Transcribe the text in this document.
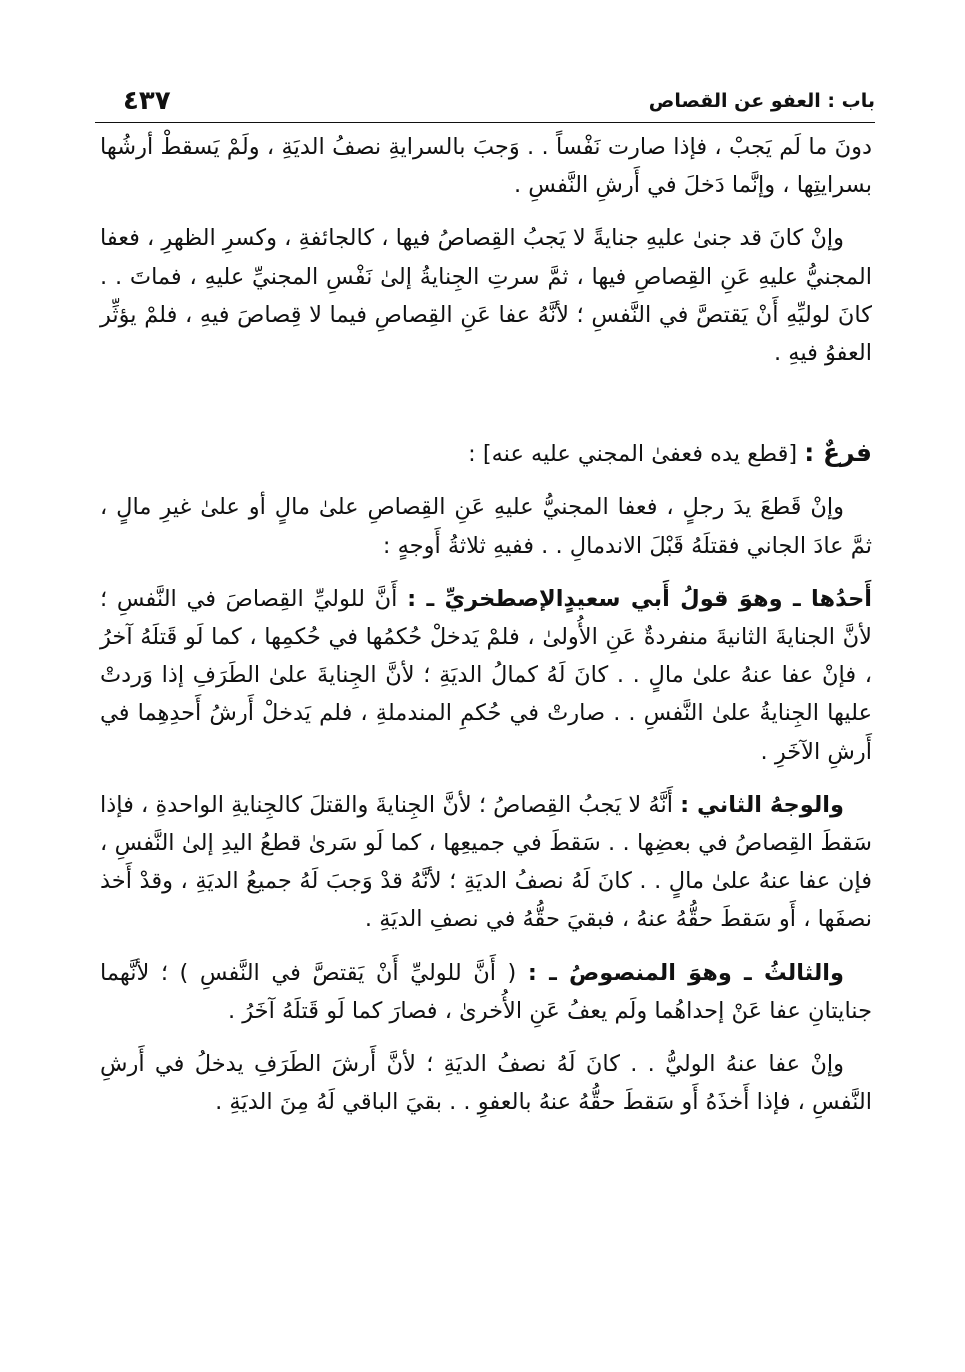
باب : العفو عن القصاص
٤٣٧

دونَ ما لَم يَجبْ ، فإذا صارت نَفْساً . . وَجبَ بالسرايةِ نصفُ الديَةِ ، ولَمْ يَسقطْ أرشُها بسرايتِها ، وإنَّما دَخلَ في أَرشِ النَّفسِ .

وإنْ كانَ قد جنىٰ عليهِ جنايةً لا يَجبُ القِصاصُ فيها ، كالجائفةِ ، وكسرِ الظهرِ ، فعفا المجنيُّ عليهِ عَنِ القِصاصِ فيها ، ثمَّ سرتِ الجِنايةُ إلىٰ نَفْسِ المجنيِّ عليهِ ، فماتَ . . كانَ لوليِّهِ أَنْ يَقتصَّ في النَّفسِ ؛ لأنَّهُ عفا عَنِ القِصاصِ فيما لا قِصاصَ فيهِ ، فلمْ يؤثِّر العفوُ فيهِ .

فرعٌ : [قطع يده فعفىٰ المجني عليه عنه] :

وإنْ قَطعَ يدَ رجلٍ ، فعفا المجنيُّ عليهِ عَنِ القِصاصِ علىٰ مالٍ أو علىٰ غيرِ مالٍ ، ثمَّ عادَ الجاني فقتلَهُ قَبْلَ الاندمالِ . . ففيهِ ثلاثةُ أَوجهٍ :

أَحدُها ـ وهوَ قولُ أَبي سعيدٍالإصطخريِّ ـ : أَنَّ للوليِّ القِصاصَ في النَّفسِ ؛ لأنَّ الجنايةَ الثانيةَ منفردةٌ عَنِ الأُولىٰ ، فلمْ يَدخلْ حُكمُها في حُكمِها ، كما لَو قَتلَهُ آخرُ ، فإنْ عفا عنهُ علىٰ مالٍ . . كانَ لَهُ كمالُ الديَةِ ؛ لأنَّ الجِنايةَ علىٰ الطَرَفِ إذا وَردتْ عليها الجِنايةُ علىٰ النَّفسِ . . صارتْ في حُكمِ المندملةِ ، فلم يَدخلْ أَرشُ أَحدِهِما في أَرشِ الآخَرِ .

والوجهُ الثاني : أَنَّهُ لا يَجبُ القِصاصُ ؛ لأنَّ الجِنايةَ والقتلَ كالجِنايةِ الواحدةِ ، فإذا سَقطَ القِصاصُ في بعضِها . . سَقطَ في جميعِها ، كما لَو سَرىٰ قطعُ اليدِ إلىٰ النَّفسِ ، فإن عفا عنهُ علىٰ مالٍ . . كانَ لَهُ نصفُ الديَةِ ؛ لأنَّهُ قدْ وَجبَ لَهُ جميعُ الديَةِ ، وقدْ أَخذ نصفَها ، أَو سَقطَ حقُّهُ عنهُ ، فبقيَ حقُّهُ في نصفِ الديَةِ .

والثالثُ ـ وهوَ المنصوصُ ـ : ( أَنَّ للوليِّ أَنْ يَقتصَّ في النَّفسِ ) ؛ لأنَّهما جنايتانِ عفا عَنْ إحداهُما ولَم يعفُ عَنِ الأُخرىٰ ، فصارَ كما لَو قَتلَهُ آخَرُ .

وإنْ عفا عنهُ الوليُّ . . كانَ لَهُ نصفُ الديَةِ ؛ لأنَّ أَرشَ الطَرَفِ يدخلُ في أَرشِ النَّفسِ ، فإذا أَخذَهُ أَو سَقطَ حقُّهُ عنهُ بالعفوِ . . بقيَ الباقي لَهُ مِنَ الديَةِ .
